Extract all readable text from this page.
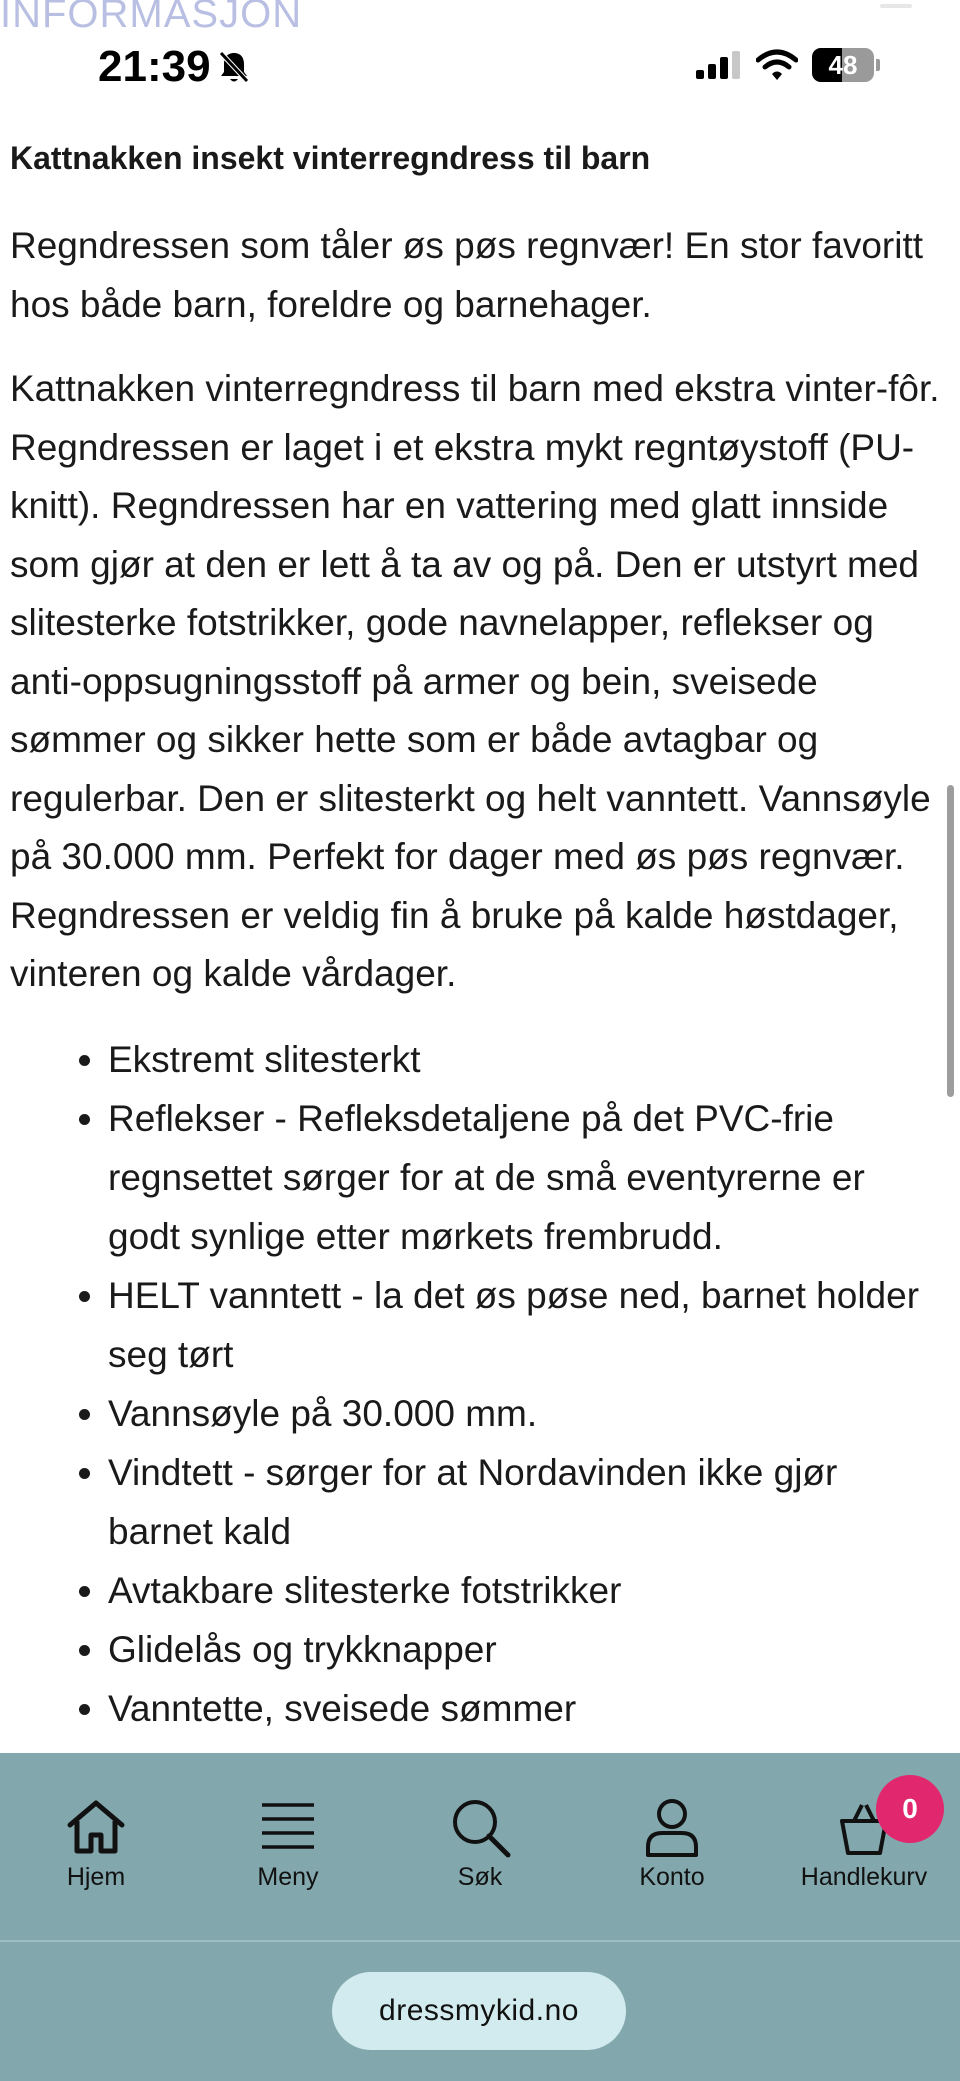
INFORMASJON
21:39	48
Kattnakken insekt vinterregndress til barn

Regndressen som tåler øs pøs regnvær! En stor favoritt hos både barn, foreldre og barnehager.

Kattnakken vinterregndress til barn med ekstra vinter-fôr. Regndressen er laget i et ekstra mykt regntøystoff (PU-knitt). Regndressen har en vattering med glatt innside som gjør at den er lett å ta av og på. Den er utstyrt med slitesterke fotstrikker, gode navnelapper, reflekser og anti-oppsugningsstoff på armer og bein, sveisede sømmer og sikker hette som er både avtagbar og regulerbar. Den er slitesterkt og helt vanntett. Vannsøyle på 30.000 mm. Perfekt for dager med øs pøs regnvær. Regndressen er veldig fin å bruke på kalde høstdager, vinteren og kalde vårdager.

• Ekstremt slitesterkt
• Reflekser - Refleksdetaljene på det PVC-frie regnsettet sørger for at de små eventyrerne er godt synlige etter mørkets frembrudd.
• HELT vanntett - la det øs pøse ned, barnet holder seg tørt
• Vannsøyle på 30.000 mm.
• Vindtett - sørger for at Nordavinden ikke gjør barnet kald
• Avtakbare slitesterke fotstrikker
• Glidelås og trykknapper
• Vanntette, sveisede sømmer
Hjem	Meny	Søk	Konto	Handlekurv
0
dressmykid.no
